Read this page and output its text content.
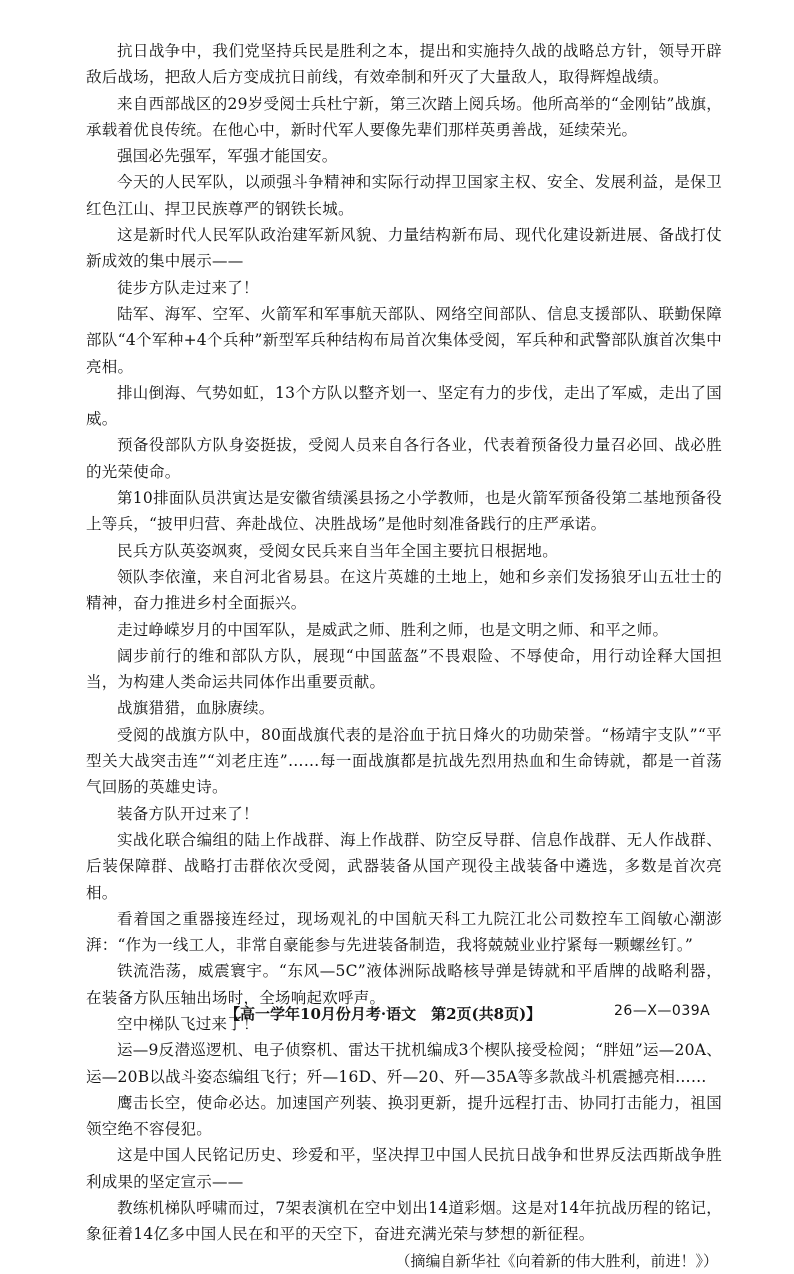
抗日战争中，我们党坚持兵民是胜利之本，提出和实施持久战的战略总方针，领导开辟敌后战场，把敌人后方变成抗日前线，有效牵制和歼灭了大量敌人，取得辉煌战绩。

来自西部战区的29岁受阅士兵杜宁新，第三次踏上阅兵场。他所高举的“金刚钻”战旗，承载着优良传统。在他心中，新时代军人要像先辈们那样英勇善战，延续荣光。

强国必先强军，军强才能国安。

今天的人民军队，以顽强斗争精神和实际行动捍卫国家主权、安全、发展利益，是保卫红色江山、捍卫民族尊严的钢铁长城。

这是新时代人民军队政治建军新风貌、力量结构新布局、现代化建设新进展、备战打仗新成效的集中展示——

徒步方队走过来了！

陆军、海军、空军、火箭军和军事航天部队、网络空间部队、信息支援部队、联勤保障部队“4个军种+4个兵种”新型军兵种结构布局首次集体受阅，军兵种和武警部队旗首次集中亮相。

排山倒海、气势如虹，13个方队以整齐划一、坚定有力的步伐，走出了军威，走出了国威。

预备役部队方队身姿挺拔，受阅人员来自各行各业，代表着预备役力量召必回、战必胜的光荣使命。

第10排面队员洪寅达是安徽省绩溪县扬之小学教师，也是火箭军预备役第二基地预备役上等兵，“披甲归营、奔赴战位、决胜战场”是他时刻准备践行的庄严承诺。

民兵方队英姿飒爽，受阅女民兵来自当年全国主要抗日根据地。

领队李依潼，来自河北省易县。在这片英雄的土地上，她和乡亲们发扬狼牙山五壮士的精神，奋力推进乡村全面振兴。

走过峥嵘岁月的中国军队，是威武之师、胜利之师，也是文明之师、和平之师。

阔步前行的维和部队方队，展现“中国蓝盔”不畏艰险、不辱使命，用行动诠释大国担当，为构建人类命运共同体作出重要贡献。

战旗猎猎，血脉赓续。

受阅的战旗方队中，80面战旗代表的是浴血于抗日烽火的功勋荣誉。“杨靖宇支队”“平型关大战突击连”“刘老庄连”……每一面战旗都是抗战先烈用热血和生命铸就，都是一首荡气回肠的英雄史诗。

装备方队开过来了！

实战化联合编组的陆上作战群、海上作战群、防空反导群、信息作战群、无人作战群、后装保障群、战略打击群依次受阅，武器装备从国产现役主战装备中遴选，多数是首次亮相。

看着国之重器接连经过，现场观礼的中国航天科工九院江北公司数控车工阎敏心潮澎湃：“作为一线工人，非常自豪能参与先进装备制造，我将兢兢业业拧紧每一颗螺丝钉。”

铁流浩荡，威震寰宇。“东风—5C”液体洲际战略核导弹是铸就和平盾牌的战略利器，在装备方队压轴出场时，全场响起欢呼声。

空中梯队飞过来了！

运—9反潜巡逻机、电子侦察机、雷达干扰机编成3个楔队接受检阅；“胖妞”运—20A、运—20B以战斗姿态编组飞行；歼—16D、歼—20、歼—35A等多款战斗机震撼亮相……

鹰击长空，使命必达。加速国产列装、换羽更新，提升远程打击、协同打击能力，祖国领空绝不容侵犯。

这是中国人民铭记历史、珍爱和平，坚决捍卫中国人民抗日战争和世界反法西斯战争胜利成果的坚定宣示——

教练机梯队呼啸而过，7架表演机在空中划出14道彩烟。这是对14年抗战历程的铭记，象征着14亿多中国人民在和平的天空下，奋进充满光荣与梦想的新征程。

（摘编自新华社《向着新的伟大胜利，前进！》）

【高一学年10月份月考·语文　第2页(共8页)】	26—X—039A
